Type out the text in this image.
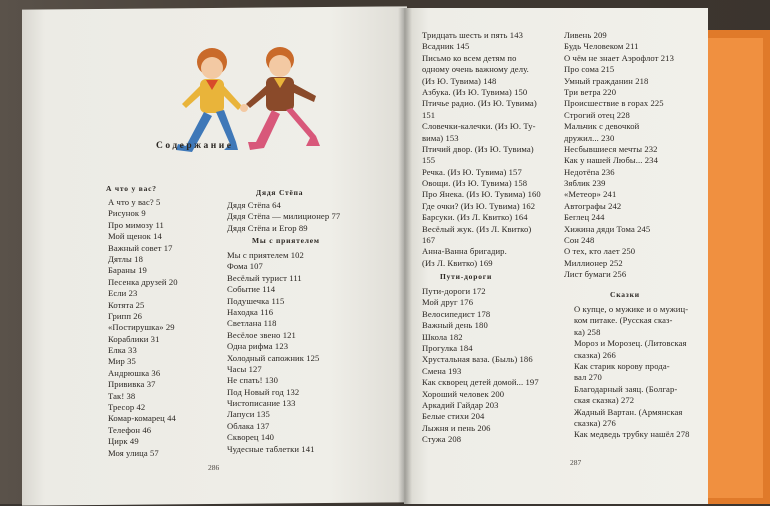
Содержание
А что у вас?
А что у вас? 5
Рисунок 9
Про мимозу 11
Мой щенок 14
Важный совет 17
Дятлы 18
Бараны 19
Песенка друзей 20
Если 23
Котята 25
Грипп 26
«Постирушка» 29
Кораблики 31
Елка 33
Мир 35
Андрюшка 36
Прививка 37
Так! 38
Тресор 42
Комар-комарец 44
Телефон 46
Цирк 49
Моя улица 57
Дядя Стёпа
Дядя Стёпа 64
Дядя Стёпа — милиционер 77
Дядя Стёпа и Егор 89
Мы с приятелем
Мы с приятелем 102
Фома 107
Весёлый турист 111
Событие 114
Подушечка 115
Находка 116
Светлана 118
Весёлое звено 121
Одна рифма 123
Холодный сапожник 125
Часы 127
Не спать! 130
Под Новый год 132
Чистописание 133
Лапуси 135
Облака 137
Скворец 140
Чудесные таблетки 141
286
Тридцать шесть и пять 143
Всадник 145
Письмо ко всем детям по
одному очень важному делу.
(Из Ю. Тувима) 148
Азбука. (Из Ю. Тувима) 150
Птичье радио. (Из Ю. Тувима)
151
Словечки-калечки. (Из Ю. Ту-
вима) 153
Птичий двор. (Из Ю. Тувима)
155
Речка. (Из Ю. Тувима) 157
Овощи. (Из Ю. Тувима) 158
Про Янека. (Из Ю. Тувима) 160
Где очки? (Из Ю. Тувима) 162
Барсуки. (Из Л. Квитко) 164
Весёлый жук. (Из Л. Квитко)
167
Анна-Ванна бригадир.
(Из Л. Квитко) 169
Пути-дороги
Пути-дороги 172
Мой друг 176
Велосипедист 178
Важный день 180
Школа 182
Прогулка 184
Хрустальная ваза. (Быль) 186
Смена 193
Как скворец детей домой... 197
Хороший человек 200
Аркадий Гайдар 203
Белые стихи 204
Лыжня и пень 206
Стужа 208
Ливень 209
Будь Человеком 211
О чём не знает Аэрофлот 213
Про сома 215
Умный гражданин 218
Три ветра 220
Происшествие в горах 225
Строгий отец 228
Мальчик с девочкой
дружил... 230
Несбывшиеся мечты 232
Как у нашей Любы... 234
Недотёпа 236
Зяблик 239
«Метеор» 241
Автографы 242
Беглец 244
Хижина дяди Тома 245
Сон 248
О тех, кто лает 250
Миллионер 252
Лист бумаги 256
Сказки
О купце, о мужике и о мужиц-
ком питаке. (Русская сказ-
ка) 258
Мороз и Морозец. (Литовская
сказка) 266
Как старик корову прода-
вал 270
Благодарный заяц. (Болгар-
ская сказка) 272
Жадный Вартан. (Армянская
сказка) 276
Как медведь трубку нашёл 278
287
